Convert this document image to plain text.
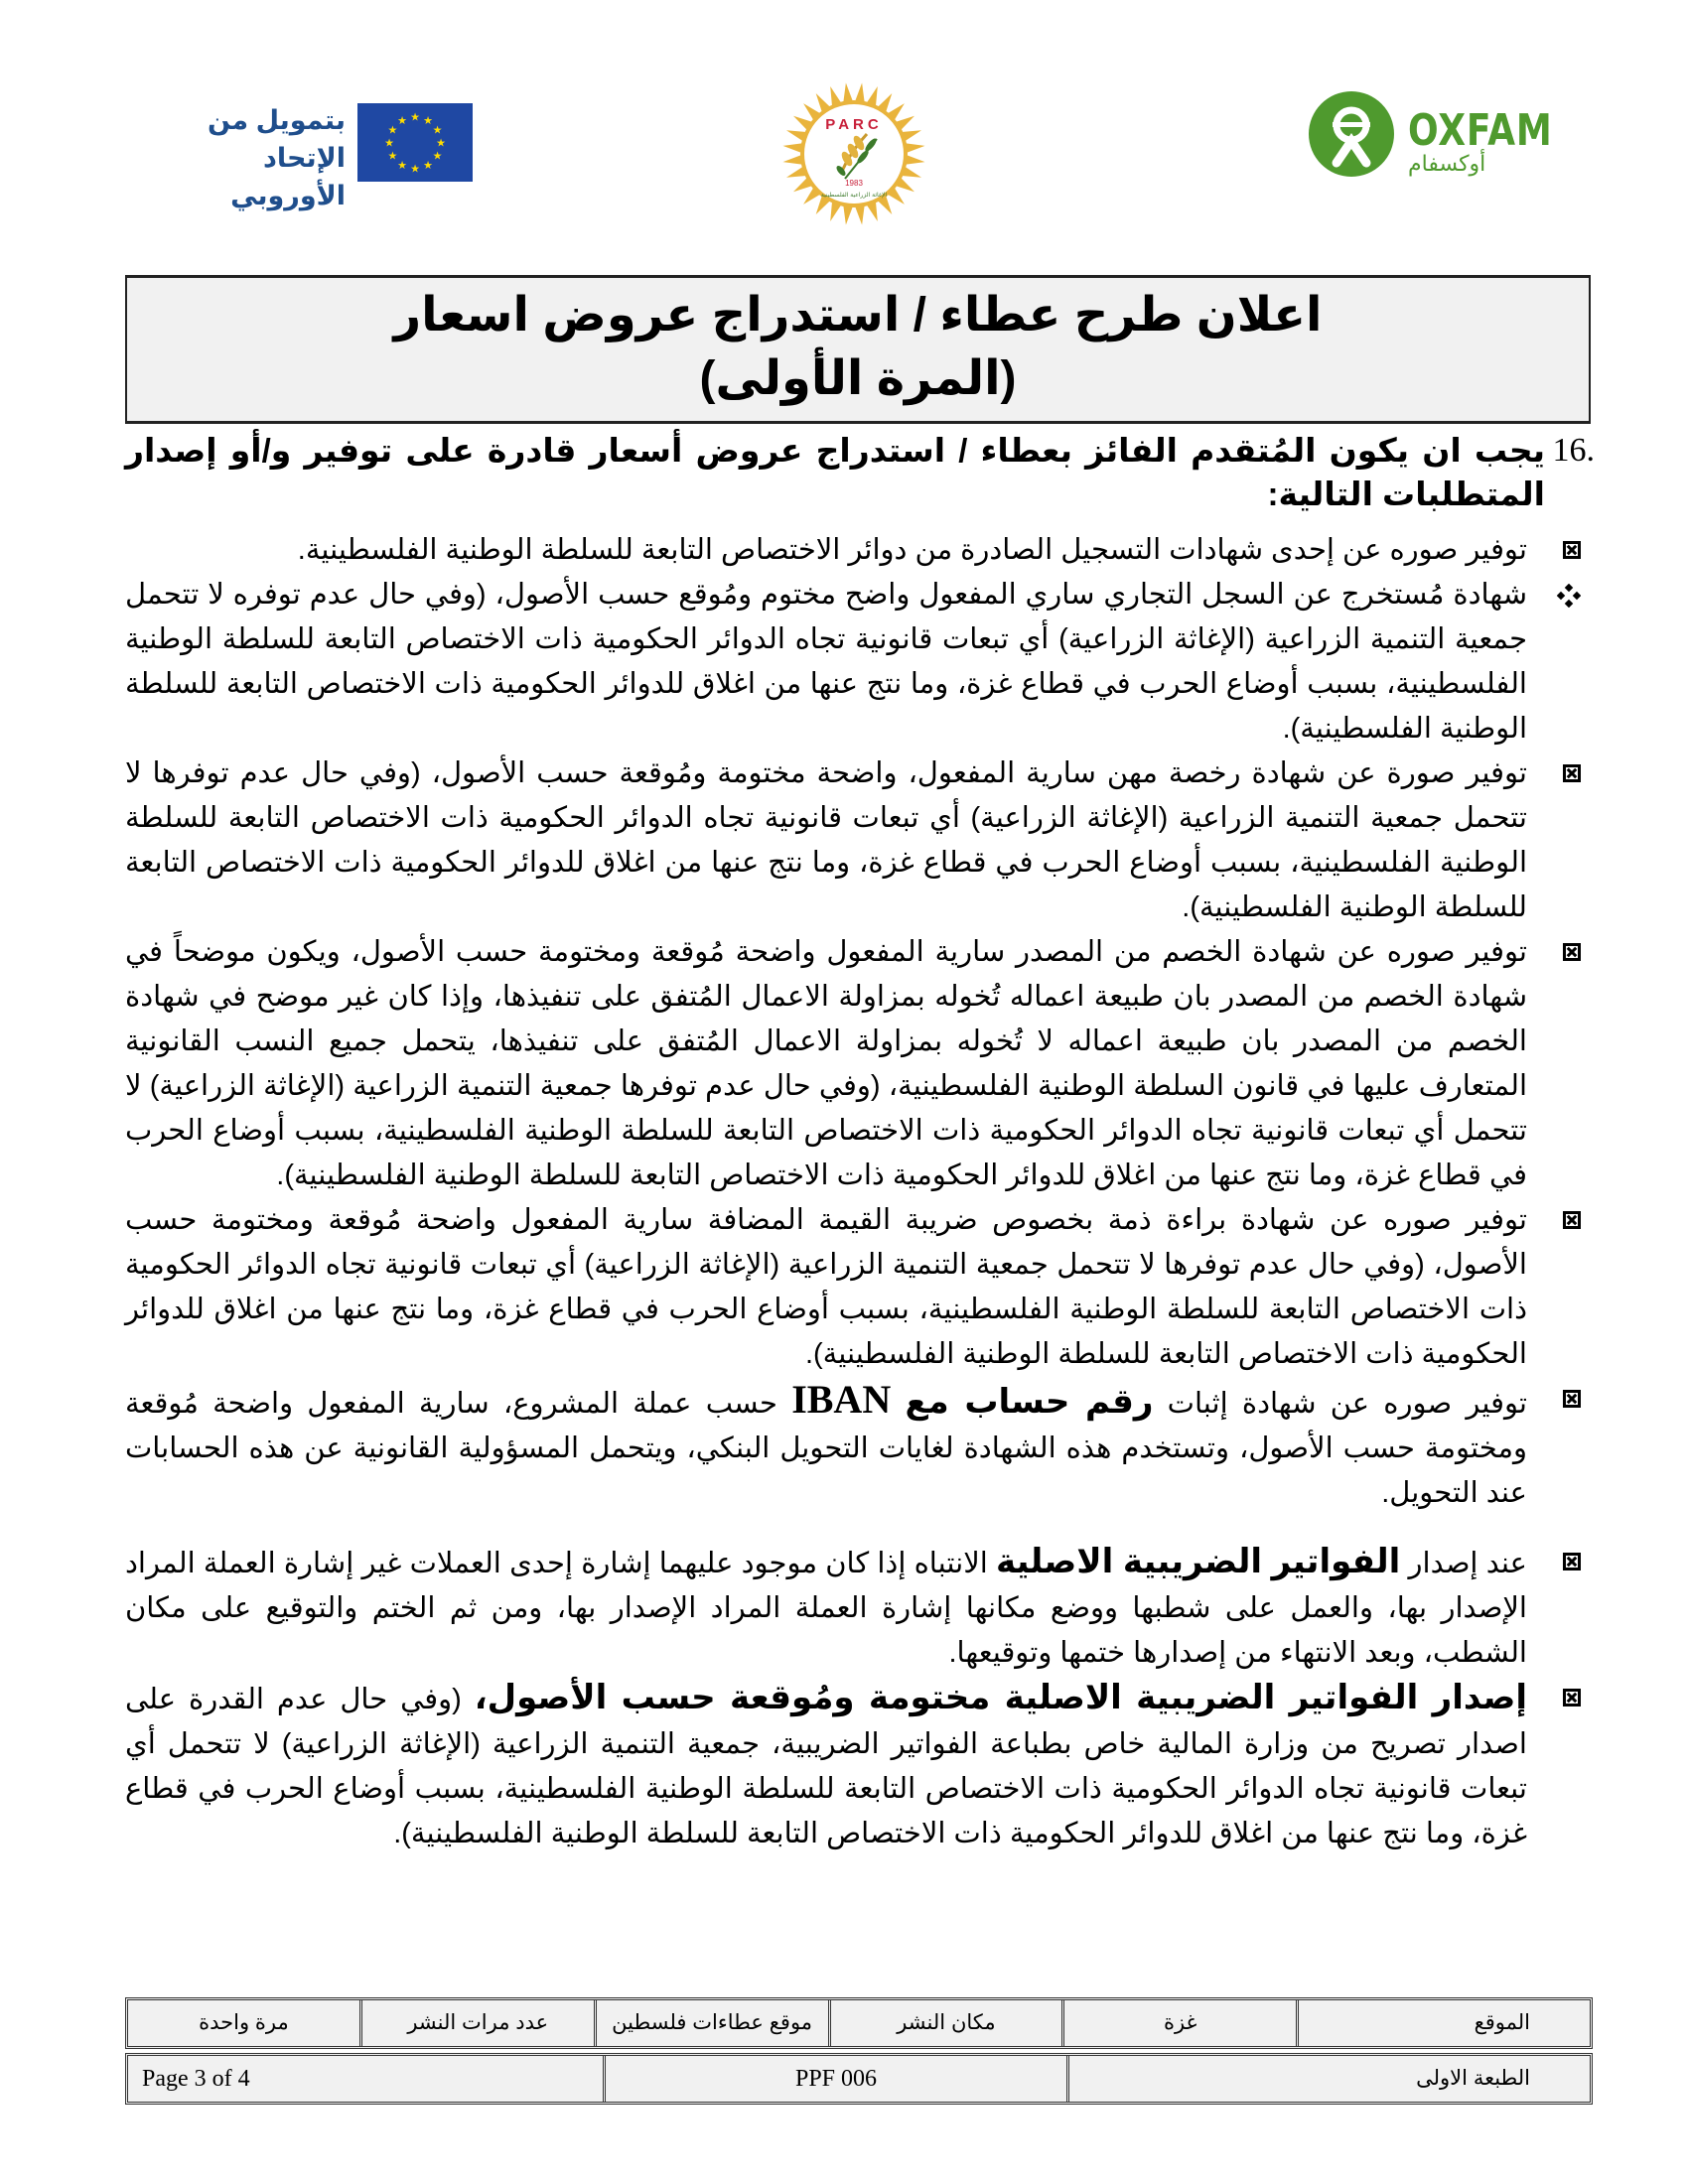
بتمويل من
الإتحاد الأوروبي
★ ★
★
★
★
★
★
★
★
★
★
★	PARC
1983
الإغاثة الزراعية الفلسطينية
OXFAM
أوكسفام
اعلان طرح عطاء / استدراج عروض اسعار
(المرة الأولى)
16.
يجب ان يكون المُتقدم الفائز بعطاء / استدراج عروض أسعار قادرة على توفير و/أو إصدار المتطلبات التالية:
توفير صوره عن إحدى شهادات التسجيل الصادرة من دوائر الاختصاص التابعة للسلطة الوطنية الفلسطينية.
شهادة مُستخرج عن السجل التجاري ساري المفعول واضح مختوم ومُوقع حسب الأصول، (وفي حال عدم توفره لا تتحمل جمعية التنمية الزراعية (الإغاثة الزراعية) أي تبعات قانونية تجاه الدوائر الحكومية ذات الاختصاص التابعة للسلطة الوطنية الفلسطينية، بسبب أوضاع الحرب في قطاع غزة، وما نتج عنها من اغلاق للدوائر الحكومية ذات الاختصاص التابعة للسلطة الوطنية الفلسطينية).
توفير صورة عن شهادة رخصة مهن سارية المفعول، واضحة مختومة ومُوقعة حسب الأصول، (وفي حال عدم توفرها لا تتحمل جمعية التنمية الزراعية (الإغاثة الزراعية) أي تبعات قانونية تجاه الدوائر الحكومية ذات الاختصاص التابعة للسلطة الوطنية الفلسطينية، بسبب أوضاع الحرب في قطاع غزة، وما نتج عنها من اغلاق للدوائر الحكومية ذات الاختصاص التابعة للسلطة الوطنية الفلسطينية).
توفير صوره عن شهادة الخصم من المصدر سارية المفعول واضحة مُوقعة ومختومة حسب الأصول، ويكون موضحاً في شهادة الخصم من المصدر بان طبيعة اعماله تُخوله بمزاولة الاعمال المُتفق على تنفيذها، وإذا كان غير موضح في شهادة الخصم من المصدر بان طبيعة اعماله لا تُخوله بمزاولة الاعمال المُتفق على تنفيذها، يتحمل جميع النسب القانونية المتعارف عليها في قانون السلطة الوطنية الفلسطينية، (وفي حال عدم توفرها جمعية التنمية الزراعية (الإغاثة الزراعية) لا تتحمل أي تبعات قانونية تجاه الدوائر الحكومية ذات الاختصاص التابعة للسلطة الوطنية الفلسطينية، بسبب أوضاع الحرب في قطاع غزة، وما نتج عنها من اغلاق للدوائر الحكومية ذات الاختصاص التابعة للسلطة الوطنية الفلسطينية).
توفير صوره عن شهادة براءة ذمة بخصوص ضريبة القيمة المضافة سارية المفعول واضحة مُوقعة ومختومة حسب الأصول، (وفي حال عدم توفرها لا تتحمل جمعية التنمية الزراعية (الإغاثة الزراعية) أي تبعات قانونية تجاه الدوائر الحكومية ذات الاختصاص التابعة للسلطة الوطنية الفلسطينية، بسبب أوضاع الحرب في قطاع غزة، وما نتج عنها من اغلاق للدوائر الحكومية ذات الاختصاص التابعة للسلطة الوطنية الفلسطينية).
توفير صوره عن شهادة إثبات رقم حساب مع IBAN حسب عملة المشروع، سارية المفعول واضحة مُوقعة ومختومة حسب الأصول، وتستخدم هذه الشهادة لغايات التحويل البنكي، ويتحمل المسؤولية القانونية عن هذه الحسابات عند التحويل.
عند إصدار الفواتير الضريبية الاصلية الانتباه إذا كان موجود عليهما إشارة إحدى العملات غير إشارة العملة المراد الإصدار بها، والعمل على شطبها ووضع مكانها إشارة العملة المراد الإصدار بها، ومن ثم الختم والتوقيع على مكان الشطب، وبعد الانتهاء من إصدارها ختمها وتوقيعها.
إصدار الفواتير الضريبية الاصلية مختومة ومُوقعة حسب الأصول، (وفي حال عدم القدرة على اصدار تصريح من وزارة المالية خاص بطباعة الفواتير الضريبية، جمعية التنمية الزراعية (الإغاثة الزراعية) لا تتحمل أي تبعات قانونية تجاه الدوائر الحكومية ذات الاختصاص التابعة للسلطة الوطنية الفلسطينية، بسبب أوضاع الحرب في قطاع غزة، وما نتج عنها من اغلاق للدوائر الحكومية ذات الاختصاص التابعة للسلطة الوطنية الفلسطينية).
الموقع
غزة
مكان النشر
موقع عطاءات فلسطين
عدد مرات النشر
مرة واحدة
الطبعة الاولى
PPF 006
Page 3 of 4
